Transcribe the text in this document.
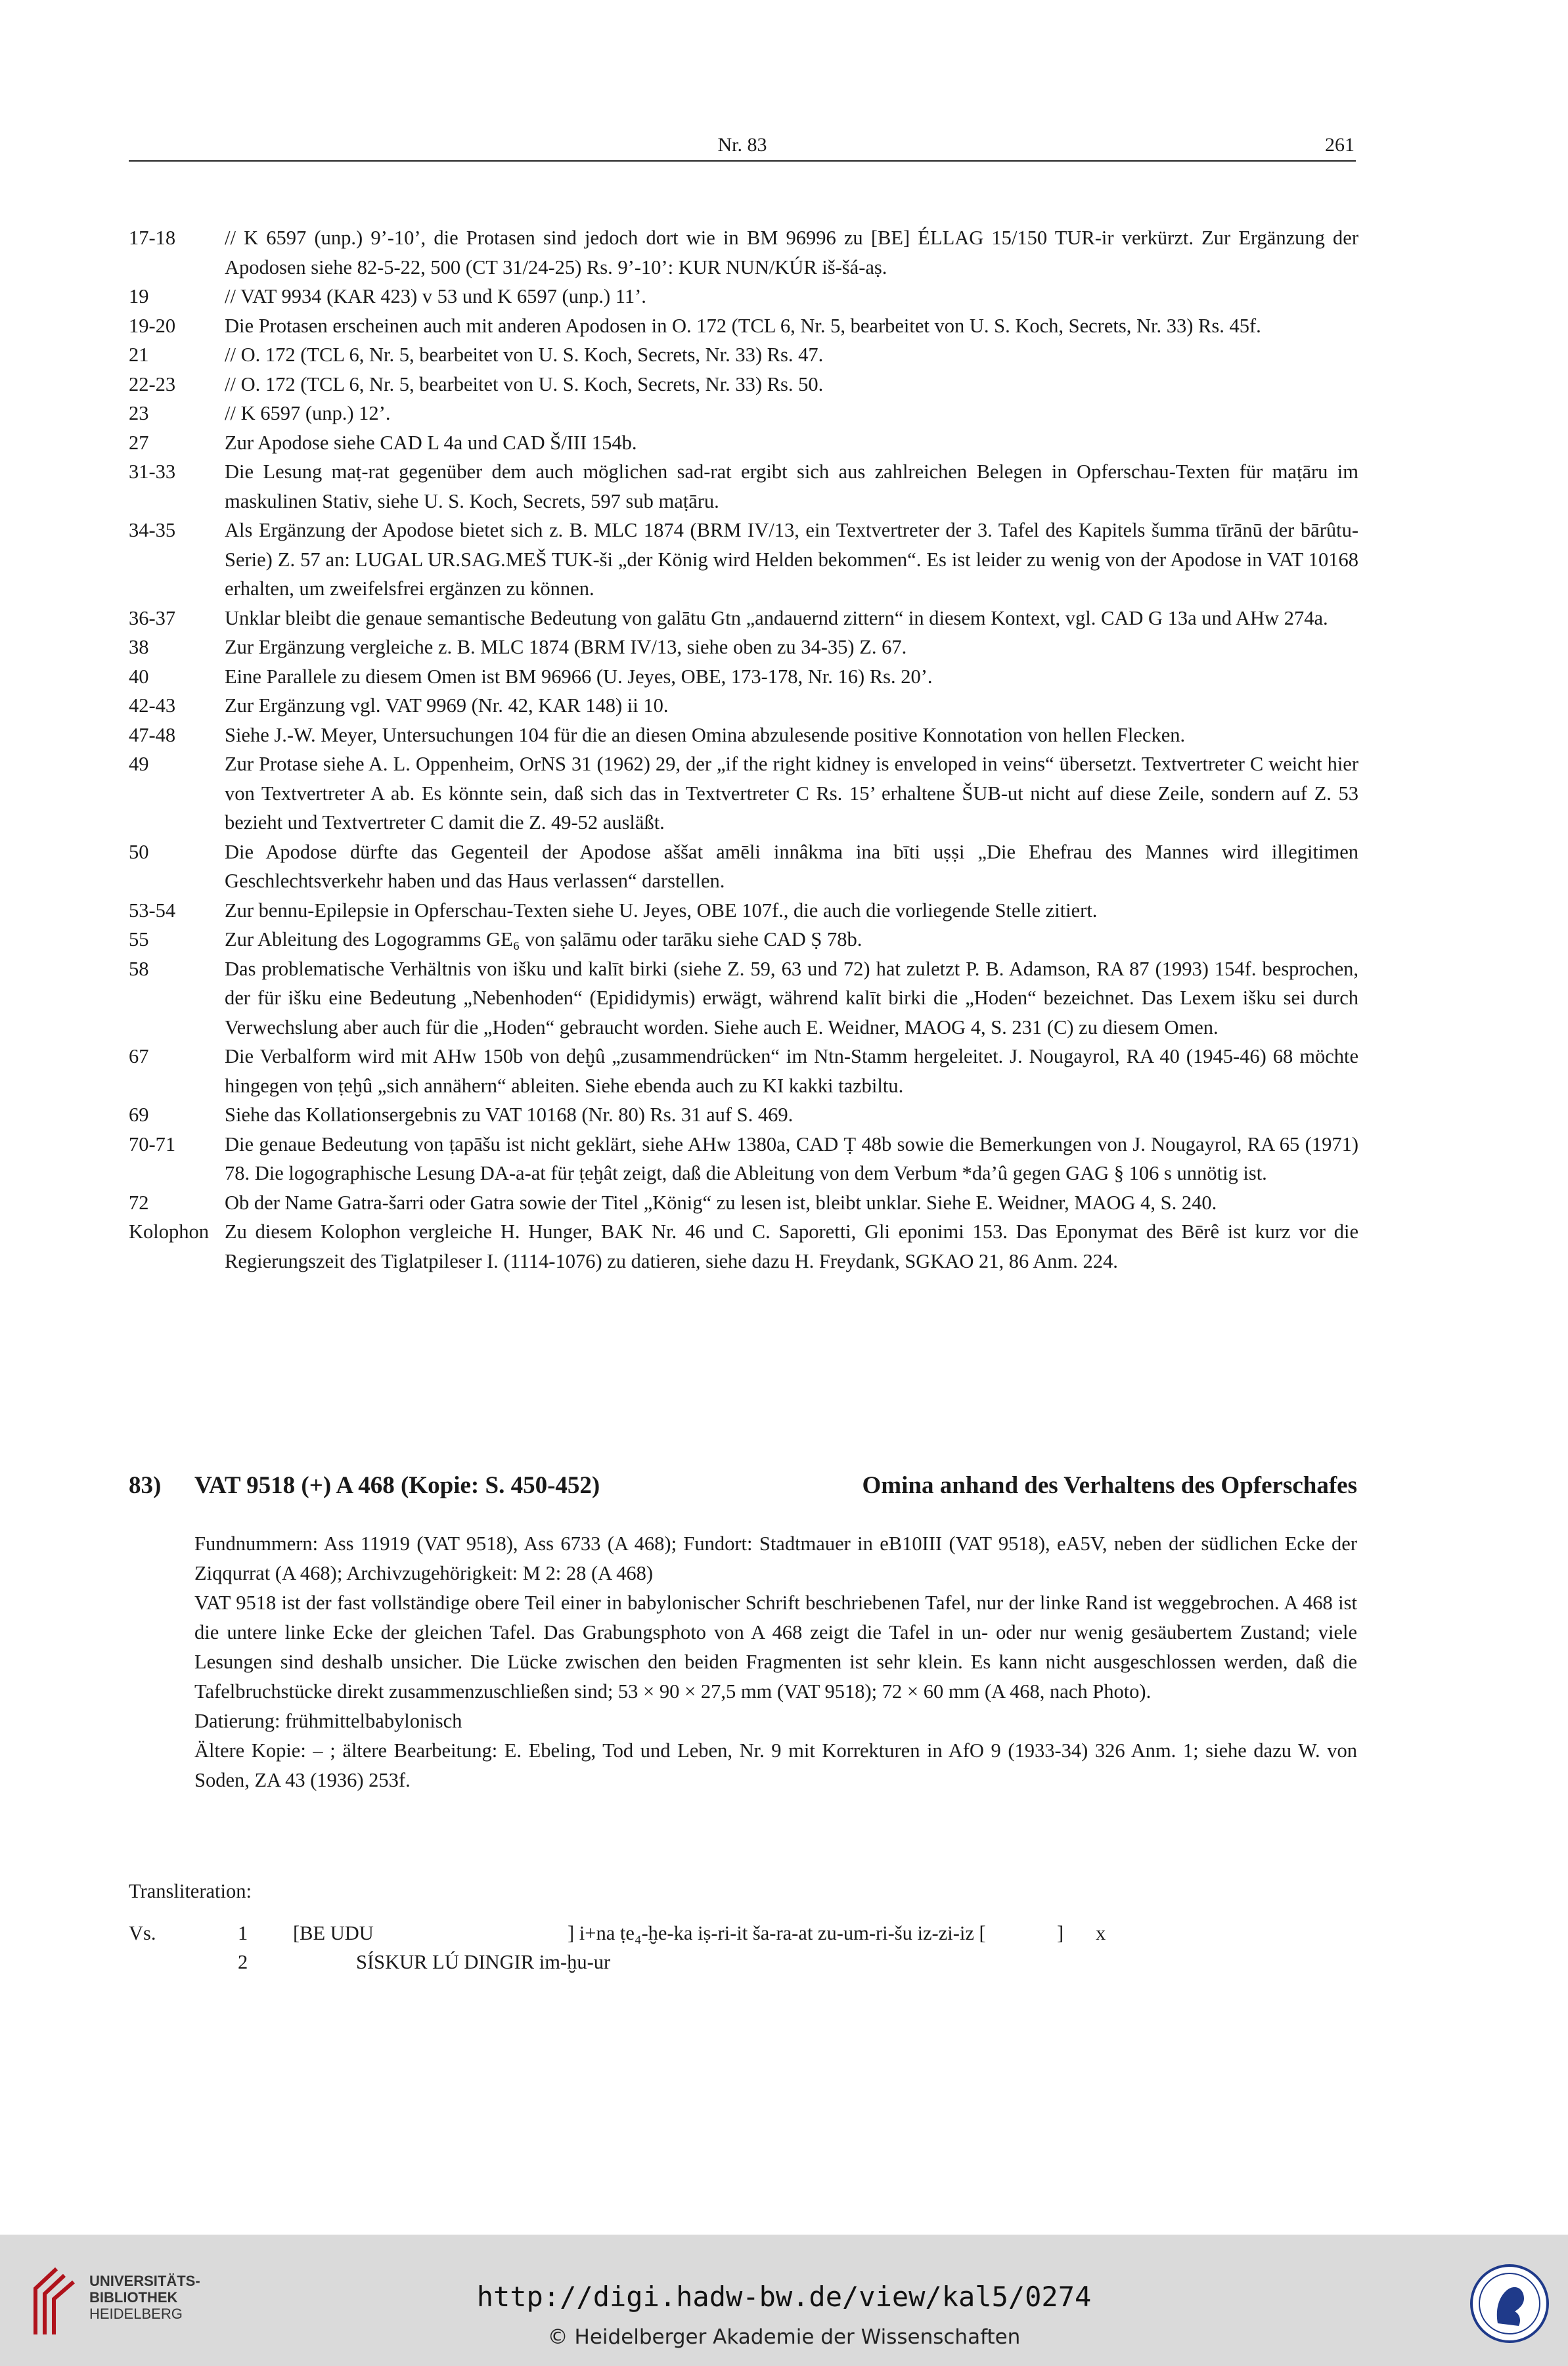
Nr. 83	261
17-18	// K 6597 (unp.) 9’-10’, die Protasen sind jedoch dort wie in BM 96996 zu [BE] ÉLLAG 15/150 TUR-ir verkürzt. Zur Ergänzung der Apodosen siehe 82-5-22, 500 (CT 31/24-25) Rs. 9’-10’: KUR NUN/KÚR iš-šá-aṣ.
19	// VAT 9934 (KAR 423) v 53 und K 6597 (unp.) 11’.
19-20	Die Protasen erscheinen auch mit anderen Apodosen in O. 172 (TCL 6, Nr. 5, bearbeitet von U. S. Koch, Secrets, Nr. 33) Rs. 45f.
21	// O. 172 (TCL 6, Nr. 5, bearbeitet von U. S. Koch, Secrets, Nr. 33) Rs. 47.
22-23	// O. 172 (TCL 6, Nr. 5, bearbeitet von U. S. Koch, Secrets, Nr. 33) Rs. 50.
23	// K 6597 (unp.) 12’.
27	Zur Apodose siehe CAD L 4a und CAD Š/III 154b.
31-33	Die Lesung maṭ-rat gegenüber dem auch möglichen sad-rat ergibt sich aus zahlreichen Belegen in Opferschau-Texten für maṭāru im maskulinen Stativ, siehe U. S. Koch, Secrets, 597 sub maṭāru.
34-35	Als Ergänzung der Apodose bietet sich z. B. MLC 1874 (BRM IV/13, ein Textvertreter der 3. Tafel des Kapitels šumma tīrānū der bārûtu-Serie) Z. 57 an: LUGAL UR.SAG.MEŠ TUK-ši „der König wird Helden bekommen“. Es ist leider zu wenig von der Apodose in VAT 10168 erhalten, um zweifelsfrei ergänzen zu können.
36-37	Unklar bleibt die genaue semantische Bedeutung von galātu Gtn „andauernd zittern“ in diesem Kontext, vgl. CAD G 13a und AHw 274a.
38	Zur Ergänzung vergleiche z. B. MLC 1874 (BRM IV/13, siehe oben zu 34-35) Z. 67.
40	Eine Parallele zu diesem Omen ist BM 96966 (U. Jeyes, OBE, 173-178, Nr. 16) Rs. 20’.
42-43	Zur Ergänzung vgl. VAT 9969 (Nr. 42, KAR 148) ii 10.
47-48	Siehe J.-W. Meyer, Untersuchungen 104 für die an diesen Omina abzulesende positive Konnotation von hellen Flecken.
49	Zur Protase siehe A. L. Oppenheim, OrNS 31 (1962) 29, der „if the right kidney is enveloped in veins“ übersetzt. Textvertreter C weicht hier von Textvertreter A ab. Es könnte sein, daß sich das in Textvertreter C Rs. 15’ erhaltene ŠUB-ut nicht auf diese Zeile, sondern auf Z. 53 bezieht und Textvertreter C damit die Z. 49-52 ausläßt.
50	Die Apodose dürfte das Gegenteil der Apodose aššat amēli innâkma ina bīti uṣṣi „Die Ehefrau des Mannes wird illegitimen Geschlechtsverkehr haben und das Haus verlassen“ darstellen.
53-54	Zur bennu-Epilepsie in Opferschau-Texten siehe U. Jeyes, OBE 107f., die auch die vorliegende Stelle zitiert.
55	Zur Ableitung des Logogramms GE₆ von ṣalāmu oder tarāku siehe CAD Ṣ 78b.
58	Das problematische Verhältnis von išku und kalīt birki (siehe Z. 59, 63 und 72) hat zuletzt P. B. Adamson, RA 87 (1993) 154f. besprochen, der für išku eine Bedeutung „Nebenhoden“ (Epididymis) erwägt, während kalīt birki die „Hoden“ bezeichnet. Das Lexem išku sei durch Verwechslung aber auch für die „Hoden“ gebraucht worden. Siehe auch E. Weidner, MAOG 4, S. 231 (C) zu diesem Omen.
67	Die Verbalform wird mit AHw 150b von deḫû „zusammendrücken“ im Ntn-Stamm hergeleitet. J. Nougayrol, RA 40 (1945-46) 68 möchte hingegen von ṭeḫû „sich annähern“ ableiten. Siehe ebenda auch zu KI kakki tazbiltu.
69	Siehe das Kollationsergebnis zu VAT 10168 (Nr. 80) Rs. 31 auf S. 469.
70-71	Die genaue Bedeutung von ṭapāšu ist nicht geklärt, siehe AHw 1380a, CAD Ṭ 48b sowie die Bemerkungen von J. Nougayrol, RA 65 (1971) 78. Die logographische Lesung DA-a-at für ṭeḫât zeigt, daß die Ableitung von dem Verbum *da’û gegen GAG § 106 s unnötig ist.
72	Ob der Name Gatra-šarri oder Gatra sowie der Titel „König“ zu lesen ist, bleibt unklar. Siehe E. Weidner, MAOG 4, S. 240.
Kolophon Zu diesem Kolophon vergleiche H. Hunger, BAK Nr. 46 und C. Saporetti, Gli eponimi 153. Das Eponymat des Bērê ist kurz vor die Regierungszeit des Tiglatpileser I. (1114-1076) zu datieren, siehe dazu H. Freydank, SGKAO 21, 86 Anm. 224.
83) VAT 9518 (+) A 468 (Kopie: S. 450-452)	Omina anhand des Verhaltens des Opferschafes

Fundnummern: Ass 11919 (VAT 9518), Ass 6733 (A 468); Fundort: Stadtmauer in eB10III (VAT 9518), eA5V, neben der südlichen Ecke der Ziqqurrat (A 468); Archivzugehörigkeit: M 2: 28 (A 468)

VAT 9518 ist der fast vollständige obere Teil einer in babylonischer Schrift beschriebenen Tafel, nur der linke Rand ist weggebrochen. A 468 ist die untere linke Ecke der gleichen Tafel. Das Grabungsphoto von A 468 zeigt die Tafel in un- oder nur wenig gesäubertem Zustand; viele Lesungen sind deshalb unsicher. Die Lücke zwischen den beiden Fragmenten ist sehr klein. Es kann nicht ausgeschlossen werden, daß die Tafelbruchstücke direkt zusammenzuschließen sind; 53 × 90 × 27,5 mm (VAT 9518); 72 × 60 mm (A 468, nach Photo).

Datierung: frühmittelbabylonisch

Ältere Kopie: – ; ältere Bearbeitung: E. Ebeling, Tod und Leben, Nr. 9 mit Korrekturen in AfO 9 (1933-34) 326 Anm. 1; siehe dazu W. von Soden, ZA 43 (1936) 253f.

Transliteration:
Vs.	1 [BE UDU	] i+na ṭe₄-ḫe-ka iṣ-ri-it ša-ra-at zu-um-ri-šu iz-zi-iz [	] x
2	SÍSKUR LÚ DINGIR im-ḫu-ur
UNIVERSITÄTS-
BIBLIOTHEK
HEIDELBERG
http://digi.hadw-bw.de/view/kal5/0274
© Heidelberger Akademie der Wissenschaften
